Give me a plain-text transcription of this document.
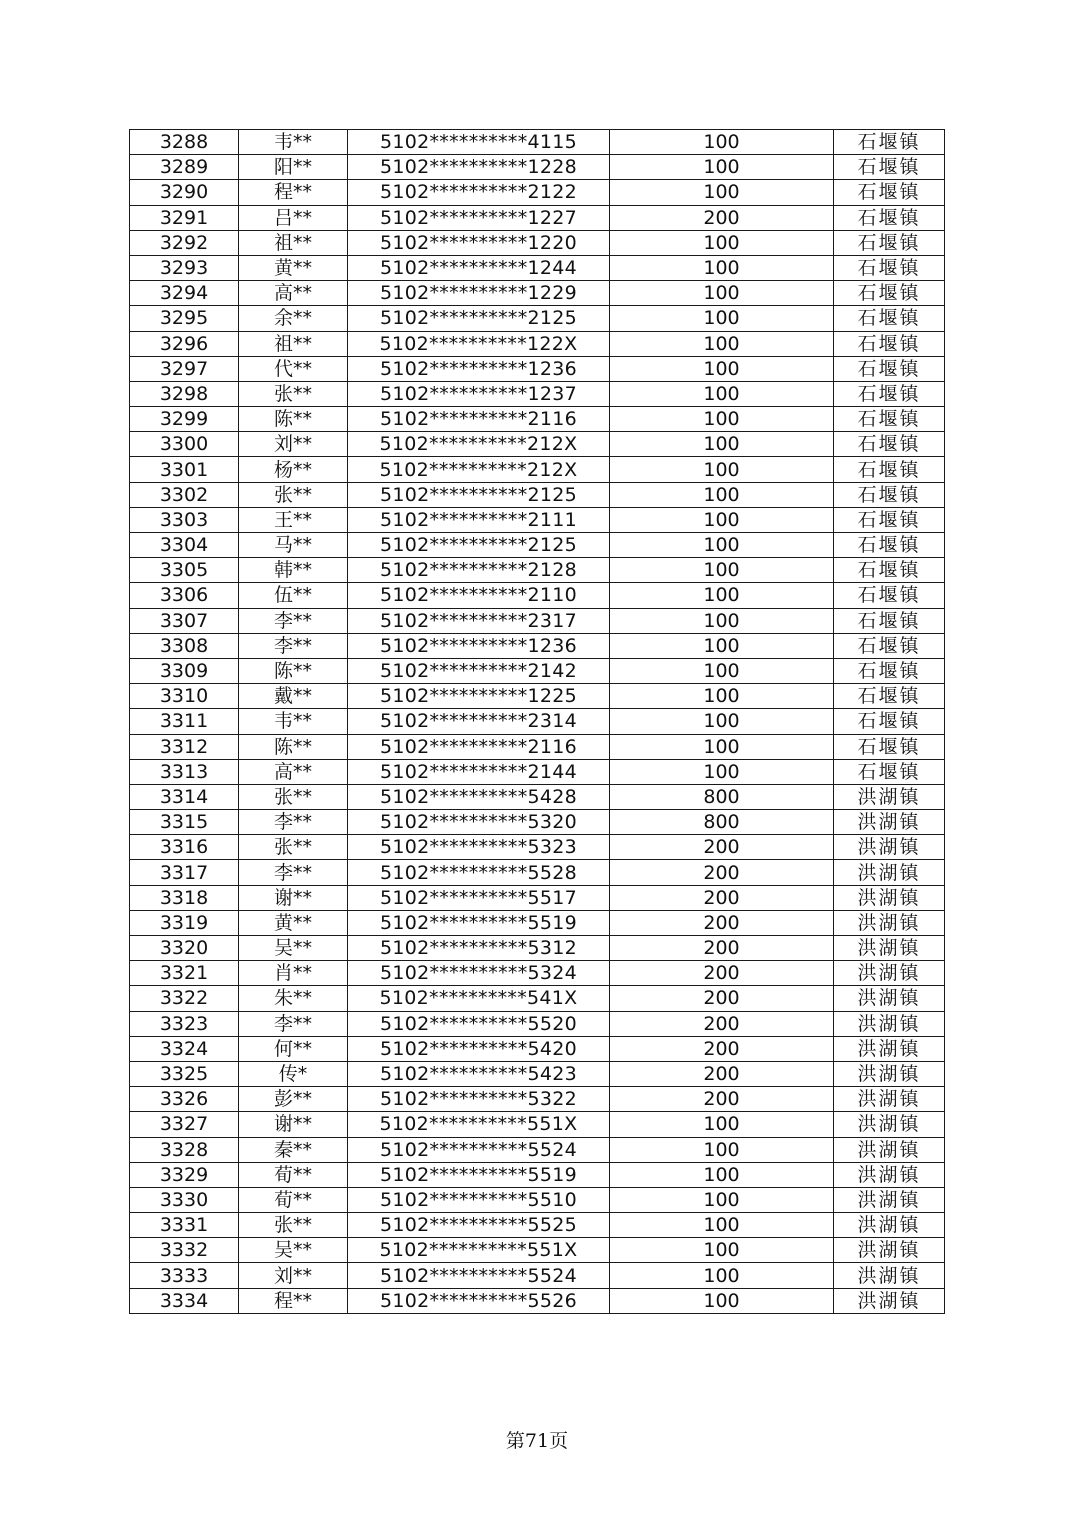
3288	韦**	5102**********4115	100	石堰镇
3289	阳**	5102**********1228	100	石堰镇
3290	程**	5102**********2122	100	石堰镇
3291	吕**	5102**********1227	200	石堰镇
3292	祖**	5102**********1220	100	石堰镇
3293	黄**	5102**********1244	100	石堰镇
3294	高**	5102**********1229	100	石堰镇
3295	余**	5102**********2125	100	石堰镇
3296	祖**	5102**********122X	100	石堰镇
3297	代**	5102**********1236	100	石堰镇
3298	张**	5102**********1237	100	石堰镇
3299	陈**	5102**********2116	100	石堰镇
3300	刘**	5102**********212X	100	石堰镇
3301	杨**	5102**********212X	100	石堰镇
3302	张**	5102**********2125	100	石堰镇
3303	王**	5102**********2111	100	石堰镇
3304	马**	5102**********2125	100	石堰镇
3305	韩**	5102**********2128	100	石堰镇
3306	伍**	5102**********2110	100	石堰镇
3307	李**	5102**********2317	100	石堰镇
3308	李**	5102**********1236	100	石堰镇
3309	陈**	5102**********2142	100	石堰镇
3310	戴**	5102**********1225	100	石堰镇
3311	韦**	5102**********2314	100	石堰镇
3312	陈**	5102**********2116	100	石堰镇
3313	高**	5102**********2144	100	石堰镇
3314	张**	5102**********5428	800	洪湖镇
3315	李**	5102**********5320	800	洪湖镇
3316	张**	5102**********5323	200	洪湖镇
3317	李**	5102**********5528	200	洪湖镇
3318	谢**	5102**********5517	200	洪湖镇
3319	黄**	5102**********5519	200	洪湖镇
3320	吴**	5102**********5312	200	洪湖镇
3321	肖**	5102**********5324	200	洪湖镇
3322	朱**	5102**********541X	200	洪湖镇
3323	李**	5102**********5520	200	洪湖镇
3324	何**	5102**********5420	200	洪湖镇
3325	传*	5102**********5423	200	洪湖镇
3326	彭**	5102**********5322	200	洪湖镇
3327	谢**	5102**********551X	100	洪湖镇
3328	秦**	5102**********5524	100	洪湖镇
3329	荀**	5102**********5519	100	洪湖镇
3330	荀**	5102**********5510	100	洪湖镇
3331	张**	5102**********5525	100	洪湖镇
3332	吴**	5102**********551X	100	洪湖镇
3333	刘**	5102**********5524	100	洪湖镇
3334	程**	5102**********5526	100	洪湖镇
第71页
